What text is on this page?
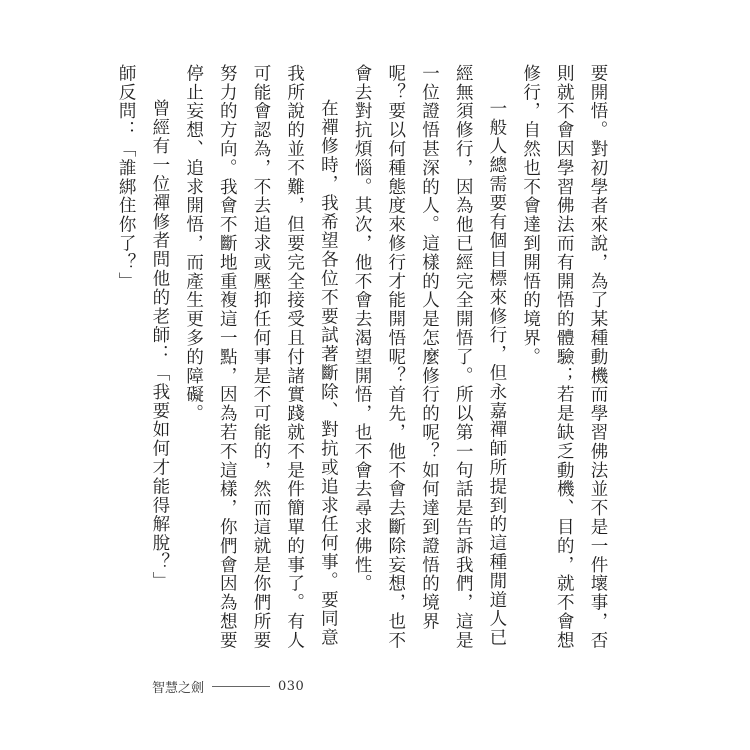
要開悟。對初學者來說，為了某種動機而學習佛法並不是一件壞事，否則就不會因學習佛法而有開悟的體驗；若是缺乏動機、目的，就不會想修行，自然也不會達到開悟的境界。

一般人總需要有個目標來修行，但永嘉禪師所提到的這種閒道人已經無須修行，因為他已經完全開悟了。所以第一句話是告訴我們，這是一位證悟甚深的人。這樣的人是怎麼修行的呢？如何達到證悟的境界呢？要以何種態度來修行才能開悟呢？首先，他不會去斷除妄想，也不會去對抗煩惱。其次，他不會去渴望開悟，也不會去尋求佛性。

在禪修時，我希望各位不要試著斷除、對抗或追求任何事。要同意我所說的並不難，但要完全接受且付諸實踐就不是件簡單的事了。有人可能會認為，不去追求或壓抑任何事是不可能的，然而這就是你們所要努力的方向。我會不斷地重複這一點，因為若不這樣，你們會因為想要停止妄想、追求開悟，而產生更多的障礙。

曾經有一位禪修者問他的老師：「我要如何才能得解脫？」

師反問：「誰綁住你了？」

智慧之劍	030
